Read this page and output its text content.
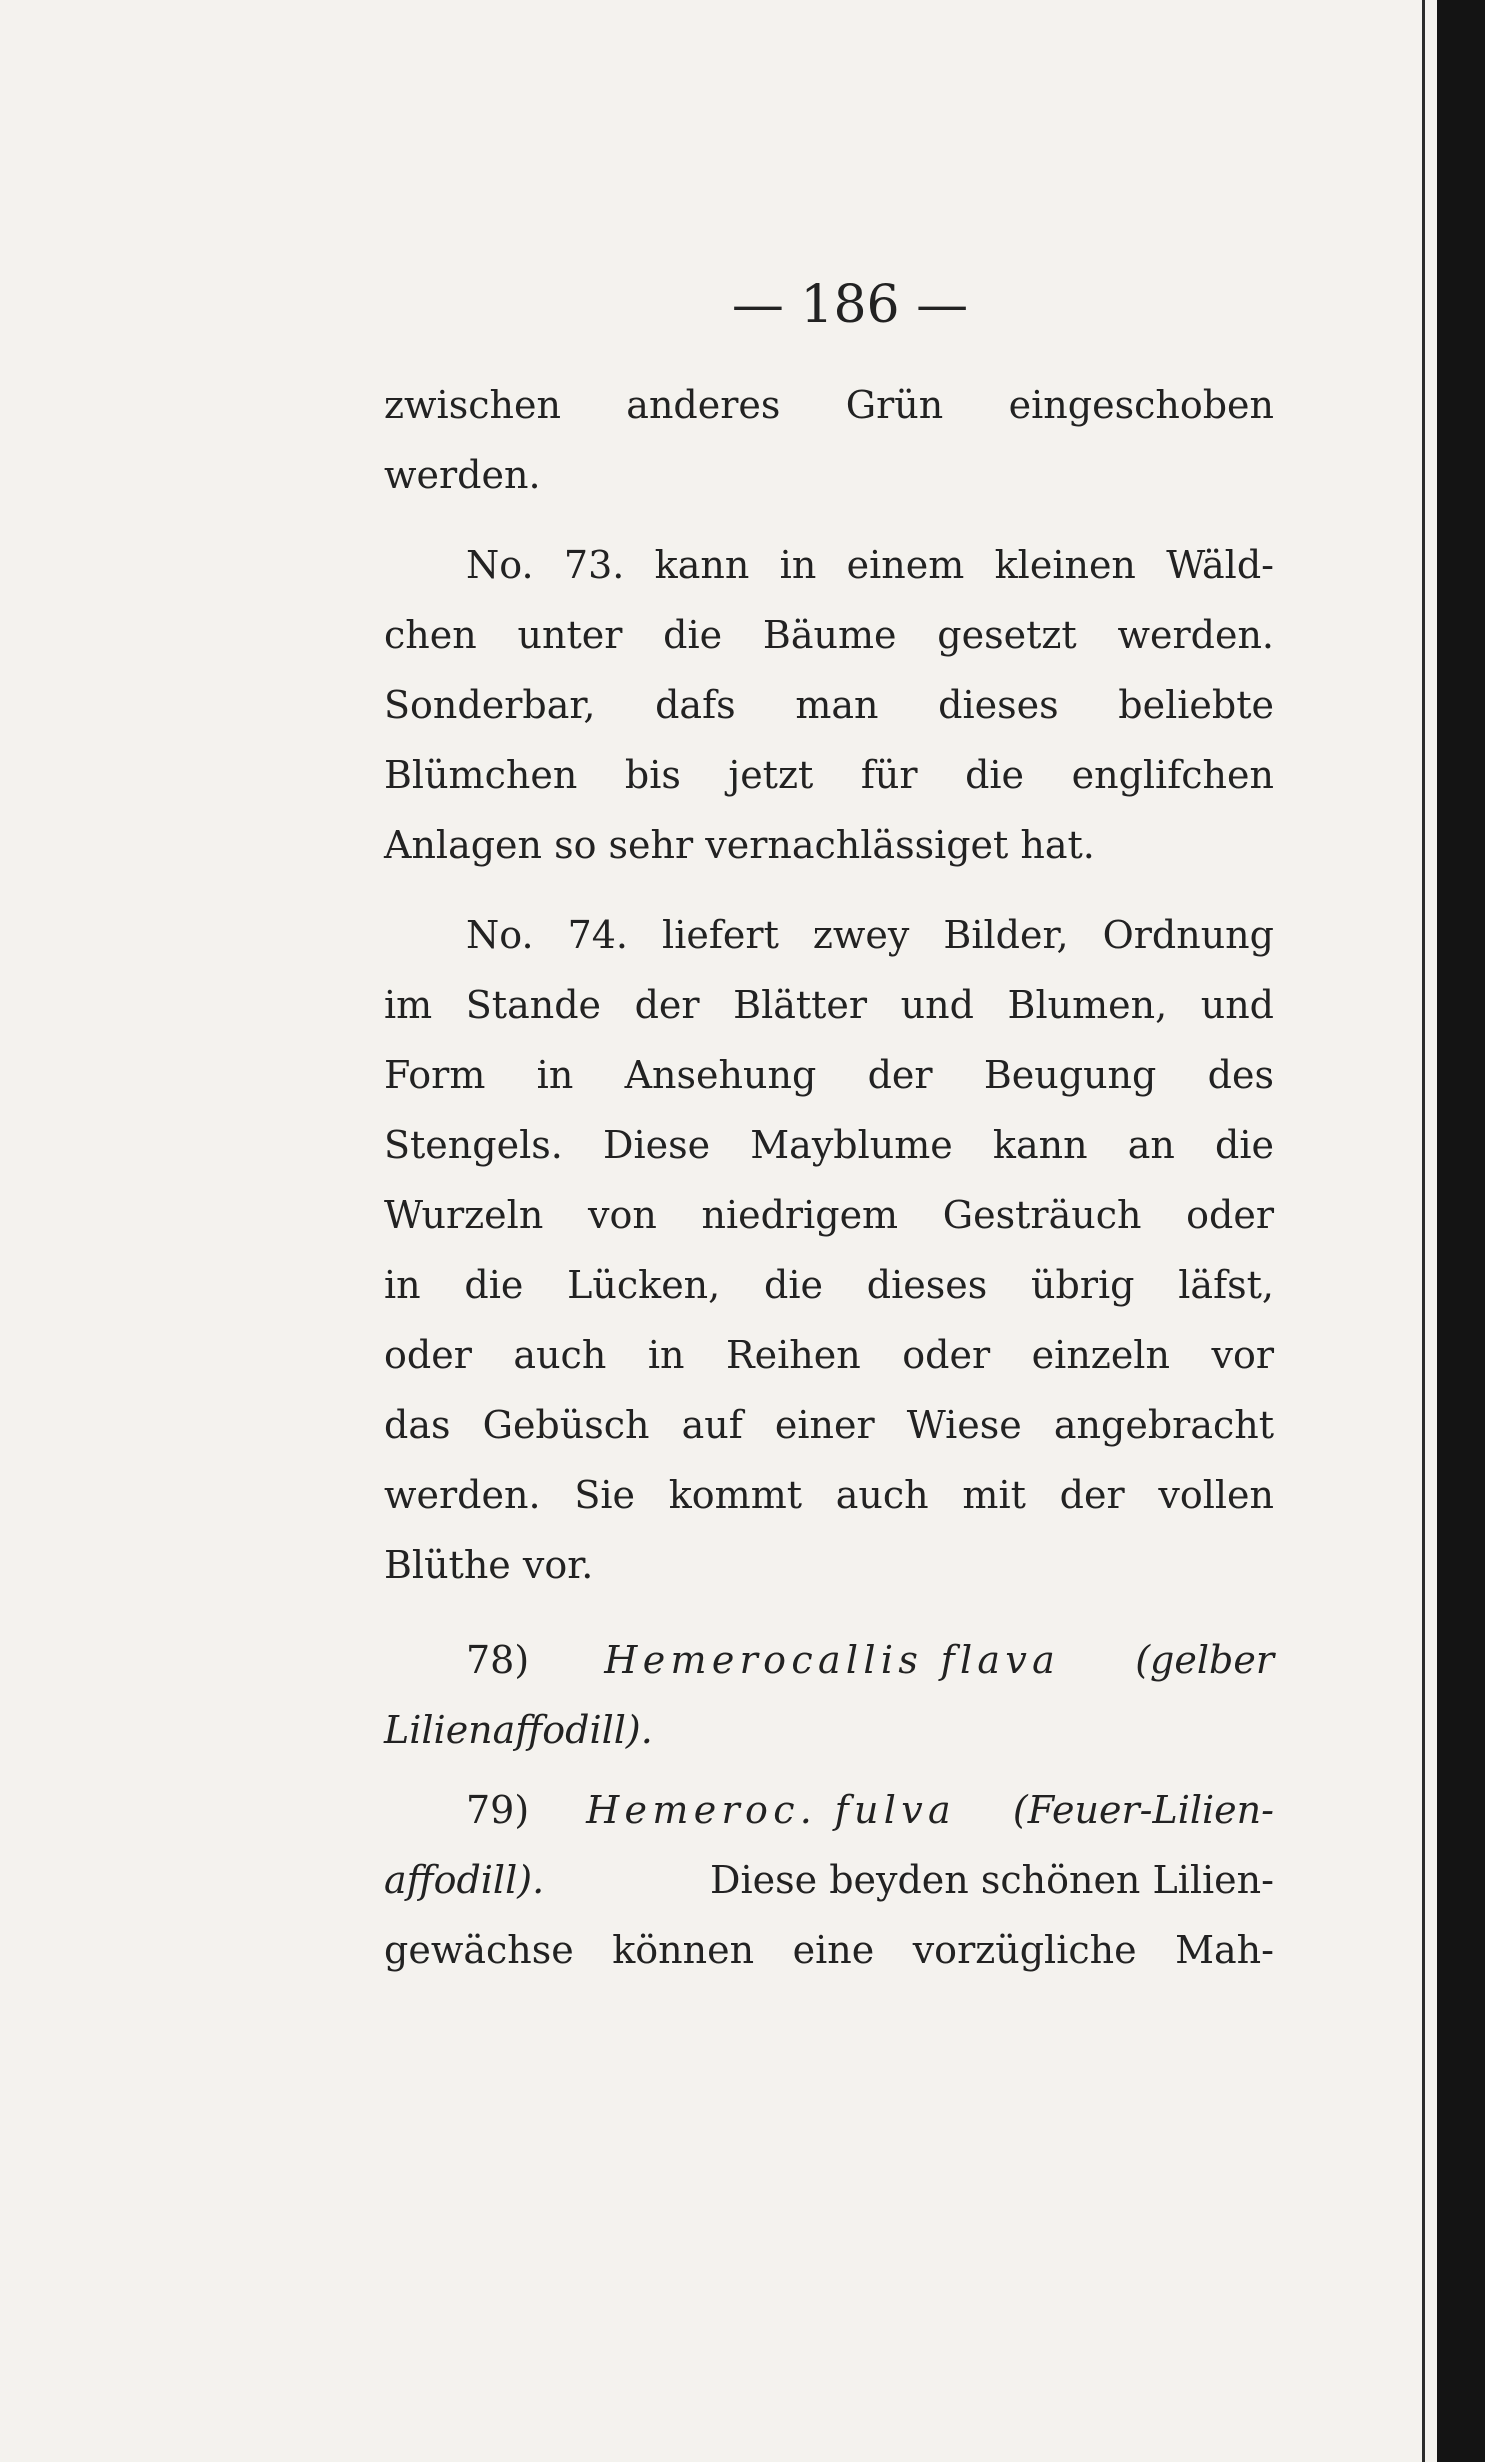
— 186 —
zwischen anderes Grün eingeschoben
werden.
No. 73. kann in einem kleinen Wäld-
chen unter die Bäume gesetzt werden.
Sonderbar, dafs man dieses beliebte
Blümchen bis jetzt für die englifchen
Anlagen so sehr vernachlässiget hat.
No. 74. liefert zwey Bilder, Ordnung
im Stande der Blätter und Blumen, und
Form in Ansehung der Beugung des
Stengels. Diese Mayblume kann an die
Wurzeln von niedrigem Gesträuch oder
in die Lücken, die dieses übrig läfst,
oder auch in Reihen oder einzeln vor
das Gebüsch auf einer Wiese angebracht
werden. Sie kommt auch mit der vollen
Blüthe vor.
78) Hemerocallis flava (gelber
Lilienaffodill).
79) Hemeroc. fulva (Feuer-Lilien-
affodill).	Diese beyden schönen Lilien-
gewächse können eine vorzügliche Mah-
